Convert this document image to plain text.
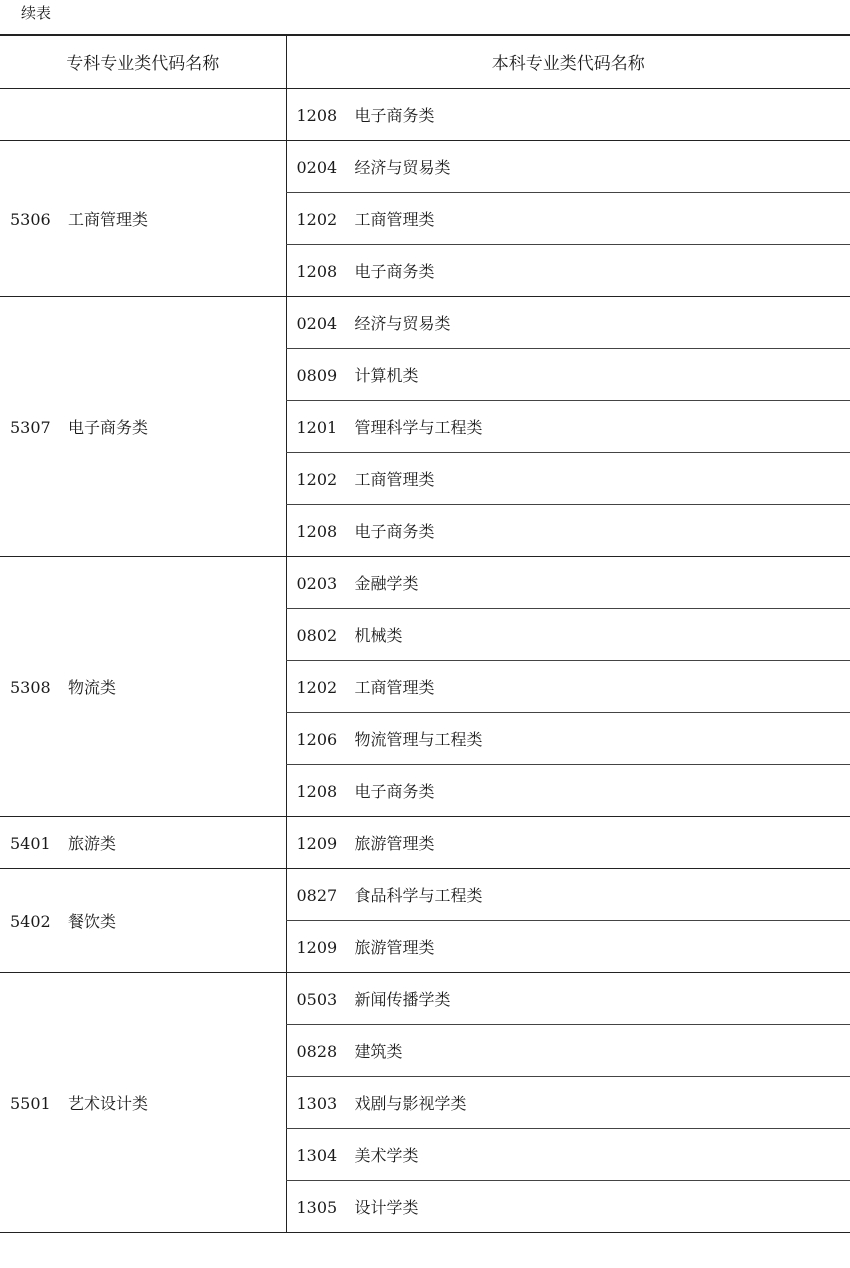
续表
专科专业类代码名称	本科专业类代码名称
	1208 电子商务类
5306 工商管理类	0204 经济与贸易类
	1202 工商管理类
	1208 电子商务类
5307 电子商务类	0204 经济与贸易类
	0809 计算机类
	1201 管理科学与工程类
	1202 工商管理类
	1208 电子商务类
5308 物流类	0203 金融学类
	0802 机械类
	1202 工商管理类
	1206 物流管理与工程类
	1208 电子商务类
5401 旅游类	1209 旅游管理类
5402 餐饮类	0827 食品科学与工程类
	1209 旅游管理类
5501 艺术设计类	0503 新闻传播学类
	0828 建筑类
	1303 戏剧与影视学类
	1304 美术学类
	1305 设计学类
